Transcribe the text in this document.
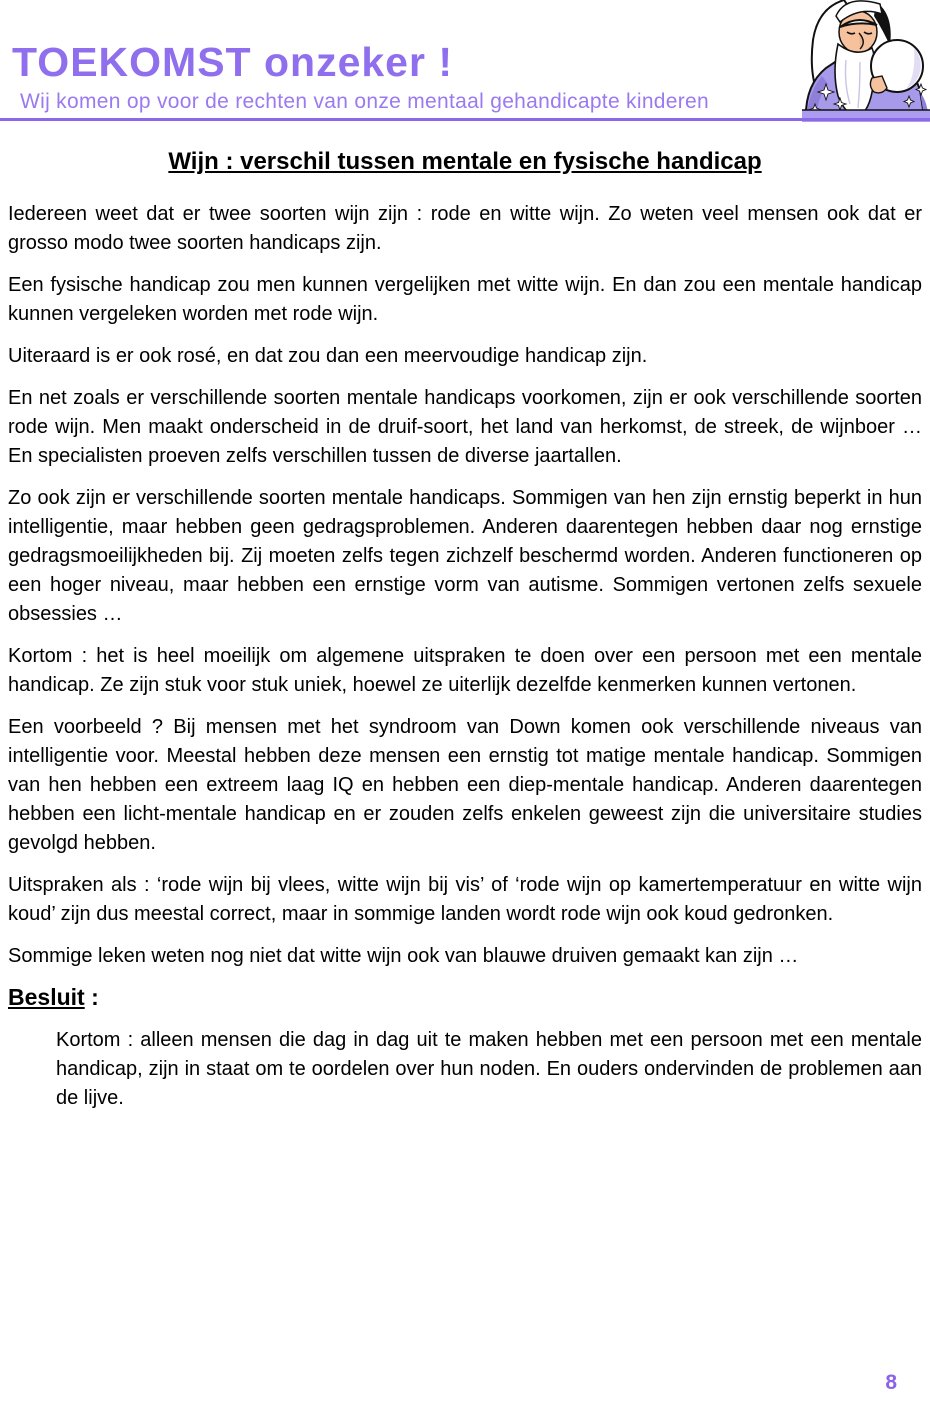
TOEKOMST onzeker !
Wij komen op voor de rechten van onze mentaal gehandicapte kinderen
Wijn : verschil tussen mentale en fysische handicap

Iedereen weet dat er twee soorten wijn zijn : rode en witte wijn. Zo weten veel mensen ook dat er grosso modo twee soorten handicaps zijn.

Een fysische handicap zou men kunnen vergelijken met witte wijn. En dan zou een mentale handicap kunnen vergeleken worden met rode wijn.

Uiteraard is er ook rosé, en dat zou dan een meervoudige handicap zijn.

En net zoals er verschillende soorten mentale handicaps voorkomen, zijn er ook verschillende soorten rode wijn. Men maakt onderscheid in de druif-soort, het land van herkomst, de streek, de wijnboer … En specialisten proeven zelfs verschillen tussen de diverse jaartallen.

Zo ook zijn er verschillende soorten mentale handicaps. Sommigen van hen zijn ernstig beperkt in hun intelligentie, maar hebben geen gedragsproblemen. Anderen daarentegen hebben daar nog ernstige gedragsmoeilijkheden bij. Zij moeten zelfs tegen zichzelf beschermd worden. Anderen functioneren op een hoger niveau, maar hebben een ernstige vorm van autisme. Sommigen vertonen zelfs sexuele obsessies …

Kortom : het is heel moeilijk om algemene uitspraken te doen over een persoon met een mentale handicap. Ze zijn stuk voor stuk uniek, hoewel ze uiterlijk dezelfde kenmerken kunnen vertonen.

Een voorbeeld ? Bij mensen met het syndroom van Down komen ook verschillende niveaus van intelligentie voor. Meestal hebben deze mensen een ernstig tot matige mentale handicap. Sommigen van hen hebben een extreem laag IQ en hebben een diep-mentale handicap. Anderen daarentegen hebben een licht-mentale handicap en er zouden zelfs enkelen geweest zijn die universitaire studies gevolgd hebben.

Uitspraken als : ‘rode wijn bij vlees, witte wijn bij vis’ of ‘rode wijn op kamertemperatuur en witte wijn koud’ zijn dus meestal correct, maar in sommige landen wordt rode wijn ook koud gedronken.

Sommige leken weten nog niet dat witte wijn ook van blauwe druiven gemaakt kan zijn …

Besluit :

Kortom : alleen mensen die dag in dag uit te maken hebben met een persoon met een mentale handicap, zijn in staat om te oordelen over hun noden. En ouders ondervinden de problemen aan de lijve.

8
